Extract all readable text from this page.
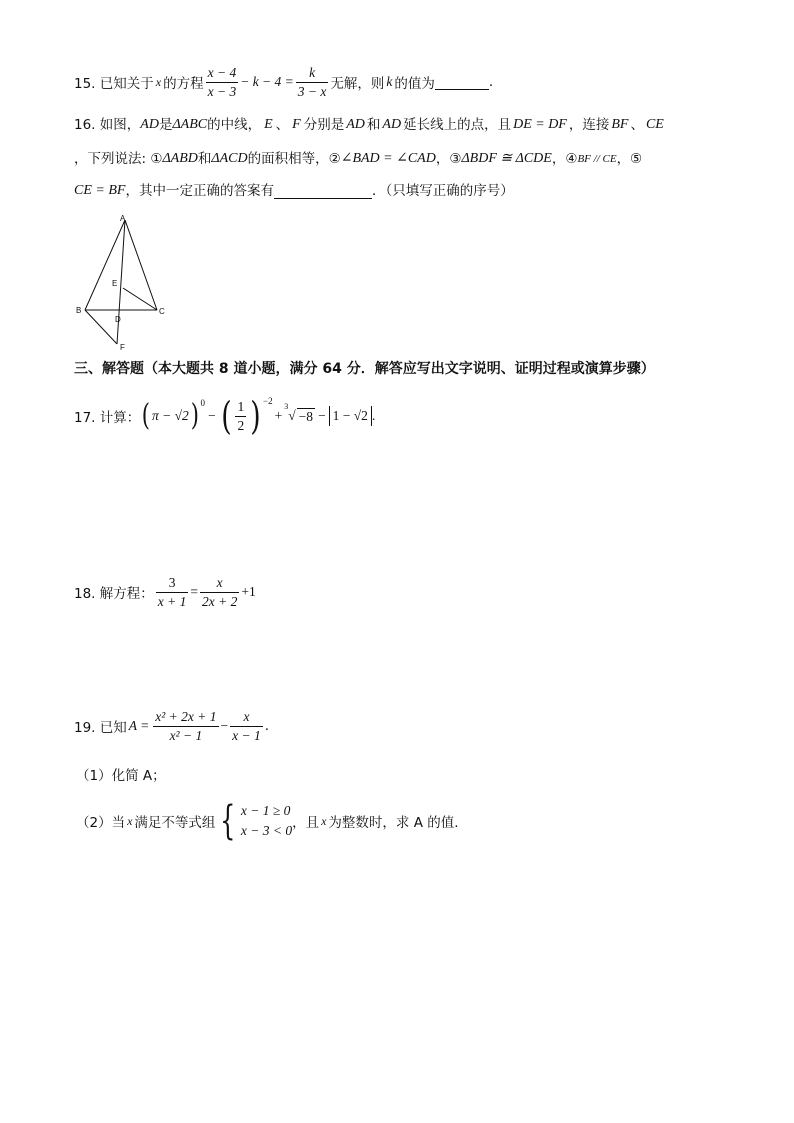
15. 已知关于 x 的方程 $\frac{x - 4}{x - 3} - k - 4 = \frac{k}{3 - x}$ 无解，则 k 的值为	.
16. 如图， AD 是 ΔABC 的中线， E 、 F 分别是 AD 和 AD 延长线上的点，且 DE = DF ，连接 BF 、 CE
，下列说法: ① ΔABD 和 ΔACD 的面积相等，② ∠BAD = ∠CAD ，③ ΔBDF ≅ ΔCDE ，④ BF // CE ，⑤
CE = BF ，其中一定正确的答案有	．（只填写正确的序号）
A
E
B	C
D
F
三、解答题（本大题共 8 道小题，满分 64 分．解答应写出文字说明、证明过程或演算步骤）
17. 计算： ( π − √2 )$^0$
− ( $\frac{1}{2} )^{-2}$
+
$^3$
√ −8 − 1 − √2 .
18. 解方程： $\frac{3}{x + 1} = \frac{x}{2x + 2} +1$
19. 已知 $A = \frac{\text{x² + 2x + 1}}{\text{x² − 1}} - \frac{x}{x - 1}$ .
（1）化简 A；
（2）当 x 满足不等式组 { x − 1 ≥ 0
x − 3 < 0 ，且 x 为整数时，求 A 的值.
